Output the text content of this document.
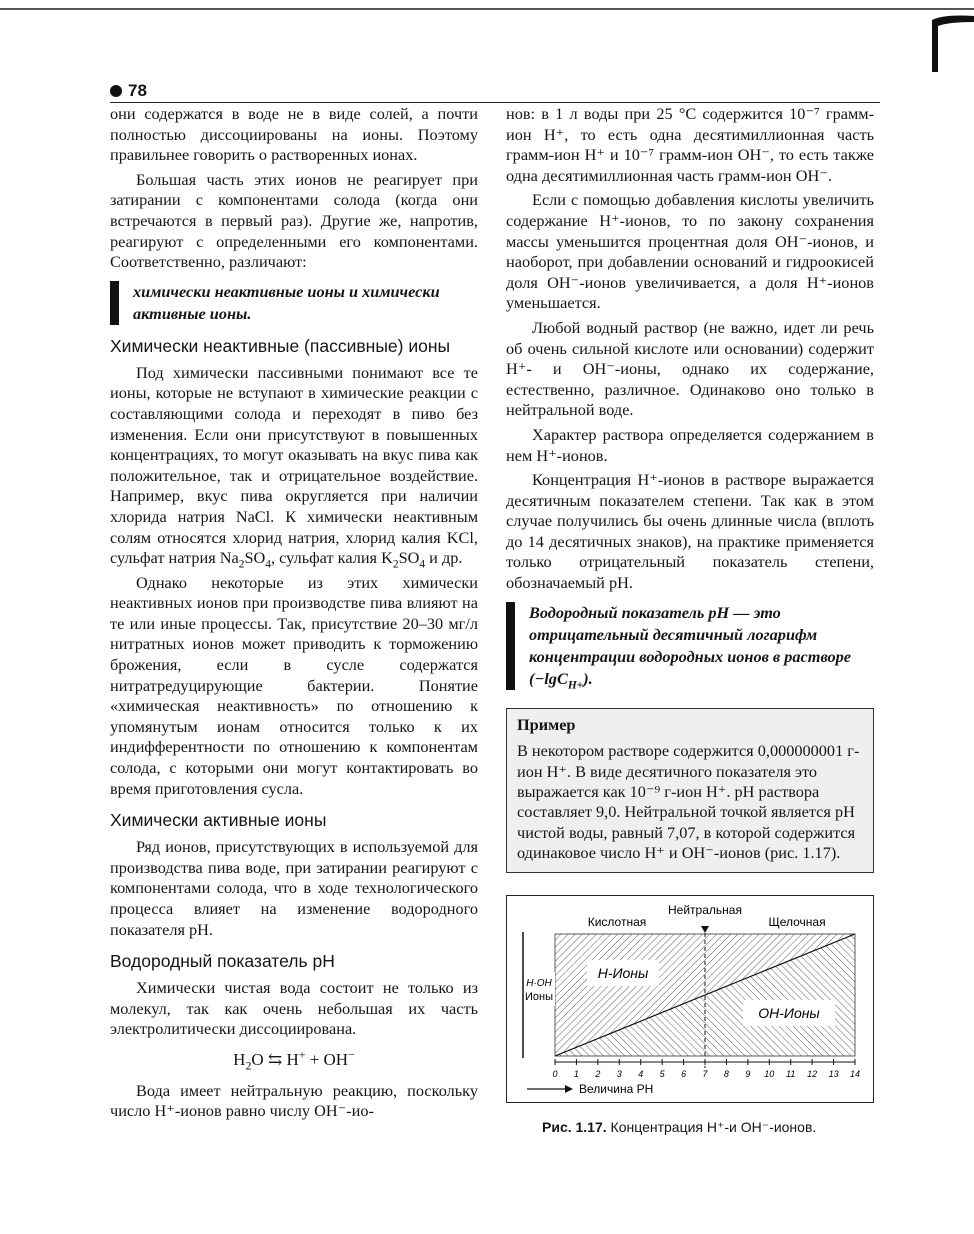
78

они содержатся в воде не в виде солей, а почти полностью диссоциированы на ионы. Поэтому правильнее говорить о растворенных ионах.

Большая часть этих ионов не реагирует при затирании с компонентами солода (когда они встречаются в первый раз). Другие же, напротив, реагируют с определенными его компонентами. Соответственно, различают:

химически неактивные ионы и химически активные ионы.
Химически неактивные (пассивные) ионы

Под химически пассивными понимают все те ионы, которые не вступают в химические реакции с составляющими солода и переходят в пиво без изменения. Если они присутствуют в повышенных концентрациях, то могут оказывать на вкус пива как положительное, так и отрицательное воздействие. Например, вкус пива округляется при наличии хлорида натрия NaCl. К химически неактивным солям относятся хлорид натрия, хлорид калия KCl, сульфат натрия $Na_2SO_4$, сульфат калия $K_2SO_4$ и др.

Однако некоторые из этих химически неактивных ионов при производстве пива влияют на те или иные процессы. Так, присутствие 20–30 мг/л нитратных ионов может приводить к торможению брожения, если в сусле содержатся нитратредуцирующие бактерии. Понятие «химическая неактивность» по отношению к упомянутым ионам относится только к их индифферентности по отношению к компонентам солода, с которыми они могут контактировать во время приготовления сусла.

Химически активные ионы

Ряд ионов, присутствующих в используемой для производства пива воде, при затирании реагируют с компонентами солода, что в ходе технологического процесса влияет на изменение водородного показателя pH.

Водородный показатель pH

Химически чистая вода состоит не только из молекул, так как очень небольшая их часть электролитически диссоциирована.

$H_2O$ ⇆ H+ + OH−

Вода имеет нейтральную реакцию, поскольку число H⁺-ионов равно числу OH⁻-ио-

нов: в 1 л воды при 25 °С содержится 10⁻⁷ грамм-ион H⁺, то есть одна десятимиллионная часть грамм-ион H⁺ и 10⁻⁷ грамм-ион OH⁻, то есть также одна десятимиллионная часть грамм-ион OH⁻.

Если с помощью добавления кислоты увеличить содержание H⁺-ионов, то по закону сохранения массы уменьшится процентная доля OH⁻-ионов, и наоборот, при добавлении оснований и гидроокисей доля OH⁻-ионов увеличивается, а доля H⁺-ионов уменьшается.

Любой водный раствор (не важно, идет ли речь об очень сильной кислоте или основании) содержит H⁺- и OH⁻-ионы, однако их содержание, естественно, различное. Одинаково оно только в нейтральной воде.

Характер раствора определяется содержанием в нем H⁺-ионов.

Концентрация H⁺-ионов в растворе выражается десятичным показателем степени. Так как в этом случае получились бы очень длинные числа (вплоть до 14 десятичных знаков), на практике применяется только отрицательный показатель степени, обозначаемый pH.

Водородный показатель pH — это отрицательный десятичный логарифм концентрации водородных ионов в растворе (−lgC$_{H+}$).
Пример
В некотором растворе содержится 0,000000001 г-ион H⁺. В виде десятичного показателя это выражается как 10⁻⁹ г-ион H⁺. pH раствора составляет 9,0. Нейтральной точкой является pH чистой воды, равный 7,07, в которой содержится одинаковое число H⁺ и OH⁻-ионов (рис. 1.17).
H-Ионы
OH-Ионы
H·OH
Ионы
Нейтральная
Кислотная	Щелочная
0 1 2 3 4 5 6 7 8 9 10 11 12 13 14
Величина PH
Рис. 1.17. Концентрация H⁺-и OH⁻-ионов.
